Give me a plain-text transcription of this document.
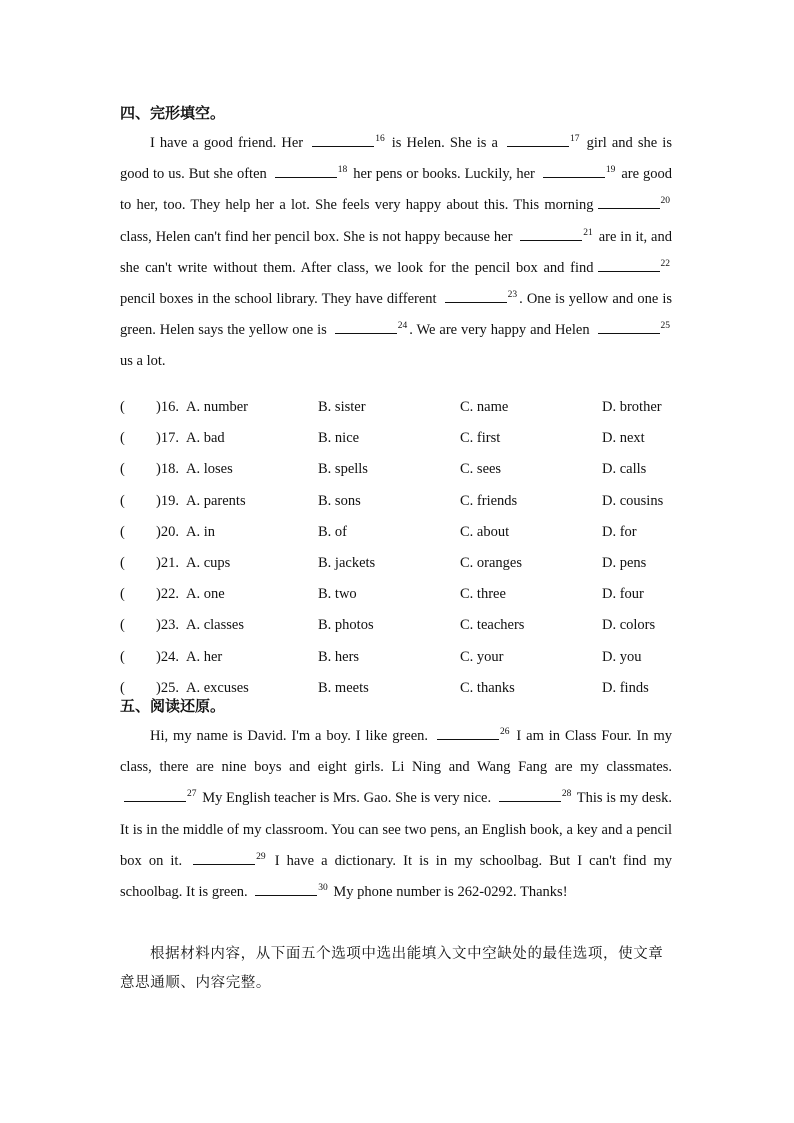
四、完形填空。

I have a good friend. Her	$^{16}$ is Helen. She is a	$^{17}$ girl and she is good to us. But she often	$^{18}$ her pens or books. Luckily, her	$^{19}$ are good to her, too. They help her a lot. She feels very happy about this. This morning	$^{20}$ class, Helen can't find her pencil box. She is not happy because her	$^{21}$ are in it, and she can't write without them. After class, we look for the pencil box and find	$^{22}$ pencil boxes in the school library. They have different	$^{23}$ . One is yellow and one is green. Helen says the yellow one is	$^{24}$ . We are very happy and Helen	$^{25}$ us a lot.

( )16. A. number	B. sister	C. name	D. brother
( )17. A. bad	B. nice	C. first	D. next
( )18. A. loses	B. spells	C. sees	D. calls
( )19. A. parents	B. sons	C. friends	D. cousins
( )20. A. in	B. of	C. about	D. for
( )21. A. cups	B. jackets	C. oranges	D. pens
( )22. A. one	B. two	C. three	D. four
( )23. A. classes	B. photos	C. teachers	D. colors
( )24. A. her	B. hers	C. your	D. you
( )25. A. excuses	B. meets	C. thanks	D. finds
五、阅读还原。

Hi, my name is David. I'm a boy. I like green.	$^{26}$ I am in Class Four. In my class, there are nine boys and eight girls. Li Ning and Wang Fang are my classmates. $^{27}$ My English teacher is Mrs. Gao. She is very nice.	$^{28}$ This is my desk. It is in the middle of my classroom. You can see two pens, an English book, a key and a pencil box on it.	$^{29}$ I have a dictionary. It is in my schoolbag. But I can't find my schoolbag. It is green.	$^{30}$ My phone number is 262-0292. Thanks!

根据材料内容，从下面五个选项中选出能填入文中空缺处的最佳选项，使文章意思通顺、内容完整。
